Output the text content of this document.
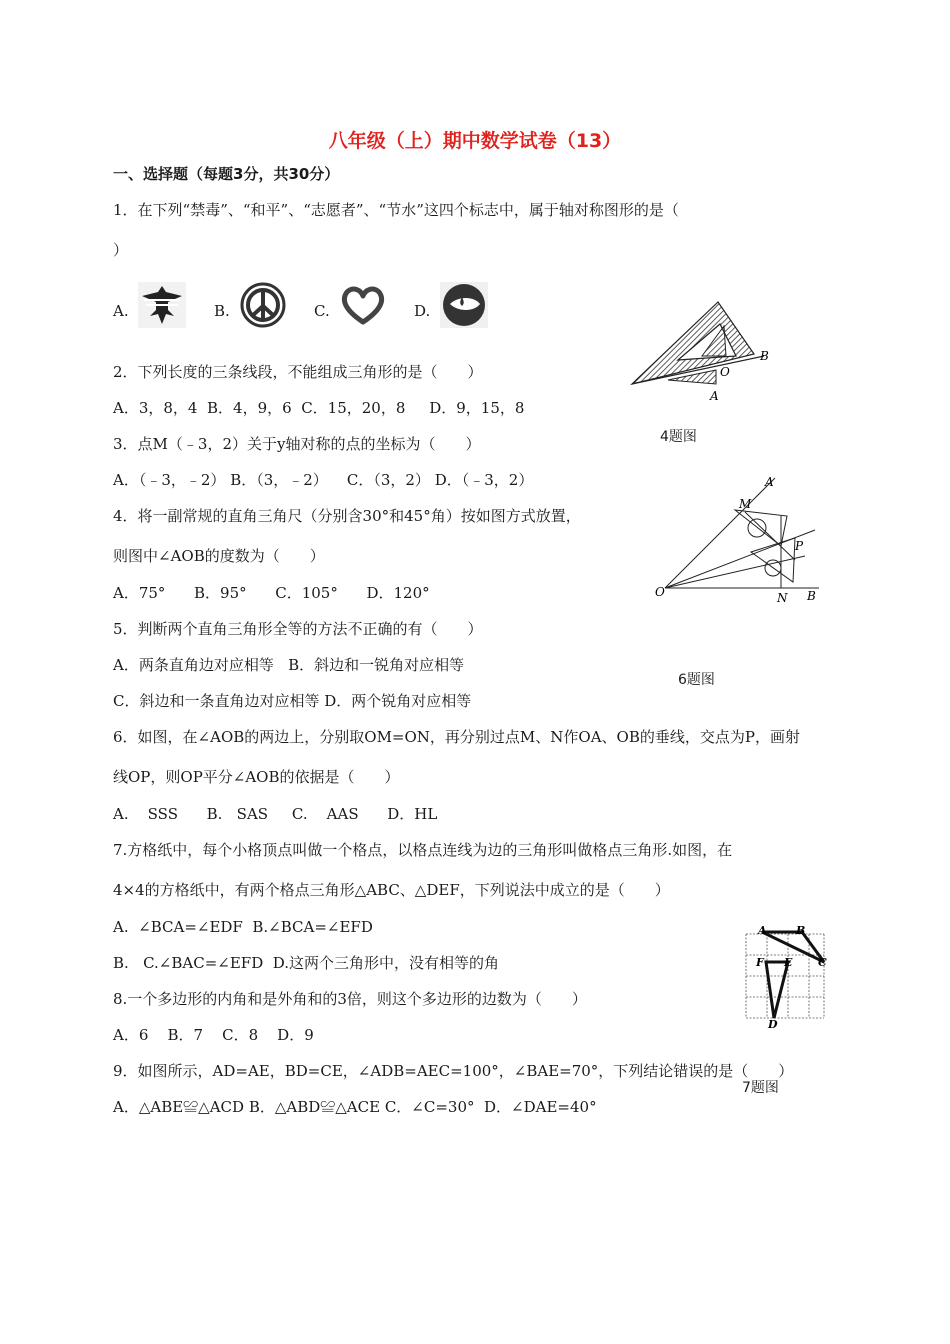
八年级（上）期中数学试卷（13）
一、选择题（每题3分，共30分）
1．在下列“禁毒”、“和平”、“志愿者”、“节水”这四个标志中，属于轴对称图形的是（
）
A.	B.	C.	D.
2．下列长度的三条线段，不能组成三角形的是（　　）
A．3，8，4  B．4，9，6  C．15，20，8     D．9，15，8
3．点M（﹣3，2）关于y轴对称的点的坐标为（　　）
A．（﹣3，﹣2） B．（3，﹣2）    C．（3，2） D．（﹣3，2）
4．将一副常规的直角三角尺（分别含30°和45°角）按如图方式放置，
则图中∠AOB的度数为（　　）
A．75°      B．95°      C．105°      D．120°
A
O
B
4题图
5．判断两个直角三角形全等的方法不正确的有（　　）
A．两条直角边对应相等   B．斜边和一锐角对应相等
C．斜边和一条直角边对应相等 D．两个锐角对应相等
A
M
P
O	N B
6题图
6．如图，在∠AOB的两边上，分别取OM=ON，再分别过点M、N作OA、OB的垂线，交点为P，画射
线OP，则OP平分∠AOB的依据是（　　）
A.    SSS      B.   SAS     C.    AAS      D．HL
7.方格纸中，每个小格顶点叫做一个格点，以格点连线为边的三角形叫做格点三角形.如图，在
4×4的方格纸中，有两个格点三角形△ABC、△DEF，下列说法中成立的是（　　）
A.  ∠BCA=∠EDF  B.∠BCA=∠EFD
B.   C.∠BAC=∠EFD  D.这两个三角形中，没有相等的角
A	B
F E C
D
8.一个多边形的内角和是外角和的3倍，则这个多边形的边数为（　　）
A．6    B．7    C．8    D．9
9．如图所示，AD=AE，BD=CE，∠ADB=AEC=100°，∠BAE=70°，下列结论错误的是（　　）
7题图
A．△ABE≌△ACD B．△ABD≌△ACE C．∠C=30°  D．∠DAE=40°
